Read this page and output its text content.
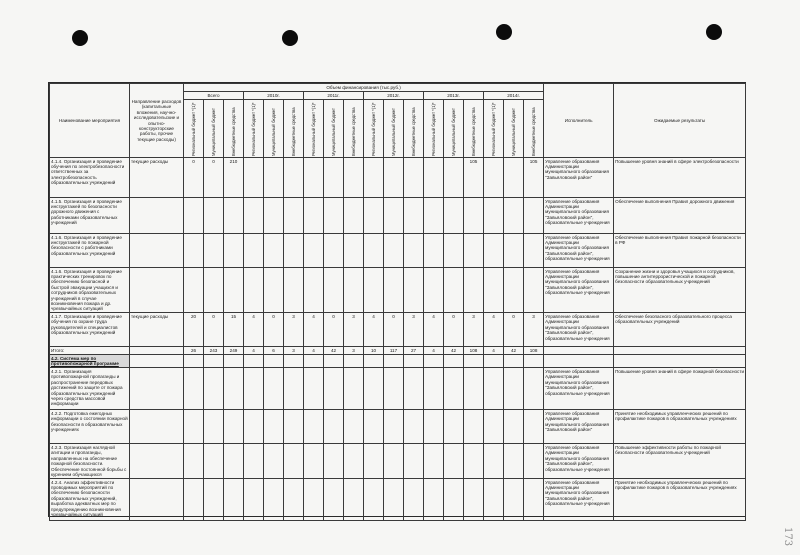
Наименование мероприятия	Направление расходов (капитальные вложения, научно-исследовательские и опытно-конструкторские работы, прочие текущие расходы)	Объем финансирования (тыс.руб.)																		Исполнитель	Ожидаемые результаты
		Всего			2010г.			2011г.			2012г.			2013г.			2014г.				

		Региональный бюджет *(1)*	Муниципальный бюджет	Внебюджетные средства	Региональный бюджет *(1)*	Муниципальный бюджет	Внебюджетные средства	Региональный бюджет *(1)*	Муниципальный бюджет	Внебюджетные средства	Региональный бюджет *(1)*	Муниципальный бюджет	Внебюджетные средства	Региональный бюджет *(1)*	Муниципальный бюджет	Внебюджетные средства	Региональный бюджет *(1)*	Муниципальный бюджет	Внебюджетные средства		

4.1.4. Организация и проведение обучения по электробезопасности ответственных за электробезопасность образовательных учреждений	текущие расходы	0	0	210												105			105	Управление образования Администрации муниципального образования "Завьяловский район"	Повышение уровня знаний в сфере электробезопасности
4.1.5. Организация и проведение инструктажей по безопасности дорожного движения с работниками образовательных учреждений																				Управление образования Администрации муниципального образования "Завьяловский район", образовательные учреждения	Обеспечение выполнения Правил дорожного движения
4.1.6. Организация и проведение инструктажей по пожарной безопасности с работниками образовательных учреждений																				Управление образования Администрации муниципального образования "Завьяловский район", образовательные учреждения	Обеспечение выполнения Правил пожарной безопасности в РФ
4.1.6. Организация и проведение практических тренировок по обеспечению безопасной и быстрой эвакуации учащихся и сотрудников образовательных учреждений в случае возникновения пожара и др. чрезвычайных ситуаций																				Управление образования Администрации муниципального образования "Завьяловский район", образовательные учреждения	Сохранение жизни и здоровья учащихся и сотрудников, повышение антитеррористической и пожарной безопасности образовательных учреждений
4.1.7. Организация и проведение обучения по охране труда руководителей и специалистов образовательных учреждений	текущие расходы	20	0	15	4	0	3	4	0	3	4	0	3	4	0	3	4	0	3	Управление образования Администрации муниципального образования "Завьяловский район", образовательные учреждения	Обеспечение безопасного образовательного процесса образовательных учреждений
Итого:		26	243	249	4	6	3	4	42	3	10	117	27	4	42	108	4	42	108		
4.2. Система мер по противопожарной программе																					
4.2.1. Организация противопожарной пропаганды и распространение передовых достижений по защите от пожара образовательных учреждений через средства массовой информации																				Управление образования Администрации муниципального образования "Завьяловский район", образовательные учреждения	Повышение уровня знаний в сфере пожарной безопасности
4.2.2. Подготовка ежегодных информации о состоянии пожарной безопасности в образовательных учреждениях																				Управление образования Администрации муниципального образования "Завьяловский район"	Принятие необходимых управленческих решений по профилактике пожаров в образовательных учреждениях
4.2.3. Организация наглядной агитации и пропаганды, направленных на обеспечение пожарной безопасности. Обеспечение постоянной борьбы с курением обучающихся																				Управление образования Администрации муниципального образования "Завьяловский район", образовательные учреждения	Повышение эффективности работы по пожарной безопасности образовательных учреждений
4.2.4. Анализ эффективности проводимых мероприятий по обеспечению безопасности образовательных учреждений, выработка адекватных мер по предупреждению возникновения чрезвычайных ситуаций																				Управление образования Администрации муниципального образования "Завьяловский район", образовательные учреждения	Принятие необходимых управленческих решений по профилактике пожаров в образовательных учреждениях
173
